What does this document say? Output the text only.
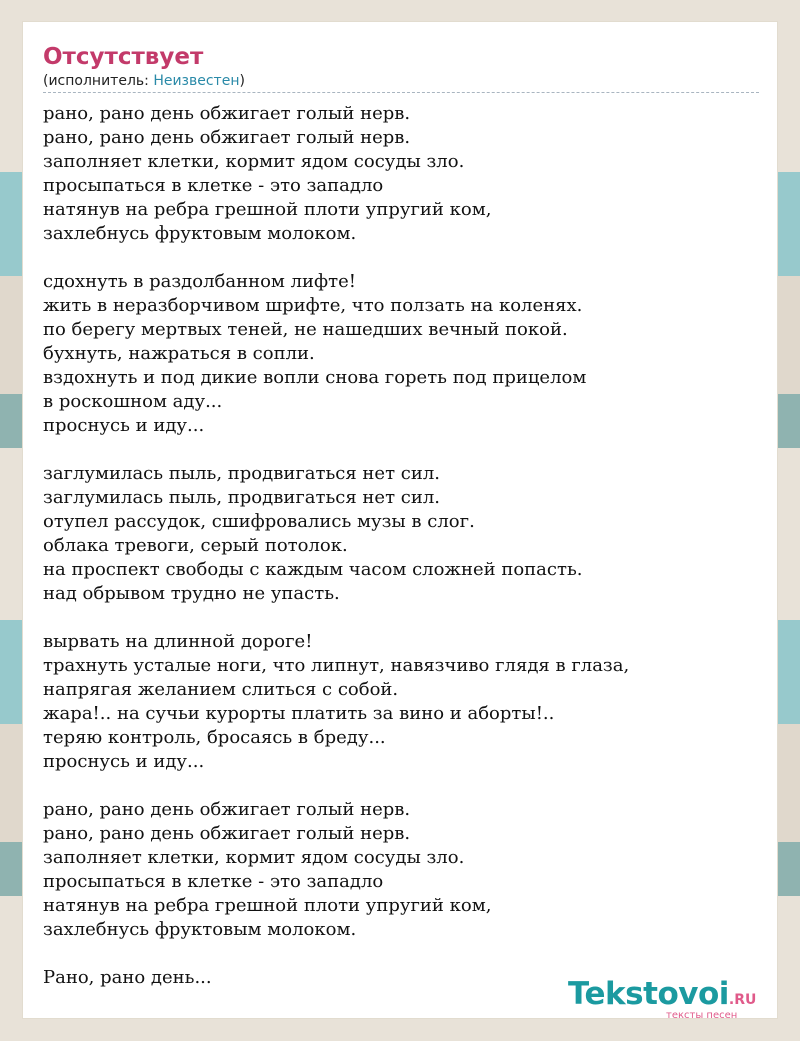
Отсутствует
(исполнитель: Неизвестен)
рано, рано день обжигает голый нерв.
рано, рано день обжигает голый нерв.
заполняет клетки, кормит ядом сосуды зло.
просыпаться в клетке - это западло
натянув на ребра грешной плоти упругий ком,
захлебнусь фруктовым молоком.
сдохнуть в раздолбанном лифте!
жить в неразборчивом шрифте, что ползать на коленях.
по берегу мертвых теней, не нашедших вечный покой.
бухнуть, нажраться в сопли.
вздохнуть и под дикие вопли снова гореть под прицелом
в роскошном аду...
проснусь и иду...
заглумилась пыль, продвигаться нет сил.
заглумилась пыль, продвигаться нет сил.
отупел рассудок, сшифровались музы в слог.
облака тревоги, серый потолок.
на проспект свободы с каждым часом сложней попасть.
над обрывом трудно не упасть.
вырвать на длинной дороге!
трахнуть усталые ноги, что липнут, навязчиво глядя в глаза,
напрягая желанием слиться с собой.
жара!.. на сучьи курорты платить за вино и аборты!..
теряю контроль, бросаясь в бреду...
проснусь и иду...
рано, рано день обжигает голый нерв.
рано, рано день обжигает голый нерв.
заполняет клетки, кормит ядом сосуды зло.
просыпаться в клетке - это западло
натянув на ребра грешной плоти упругий ком,
захлебнусь фруктовым молоком.
Рано, рано день...	Tekstovoi.RU
тексты песен
